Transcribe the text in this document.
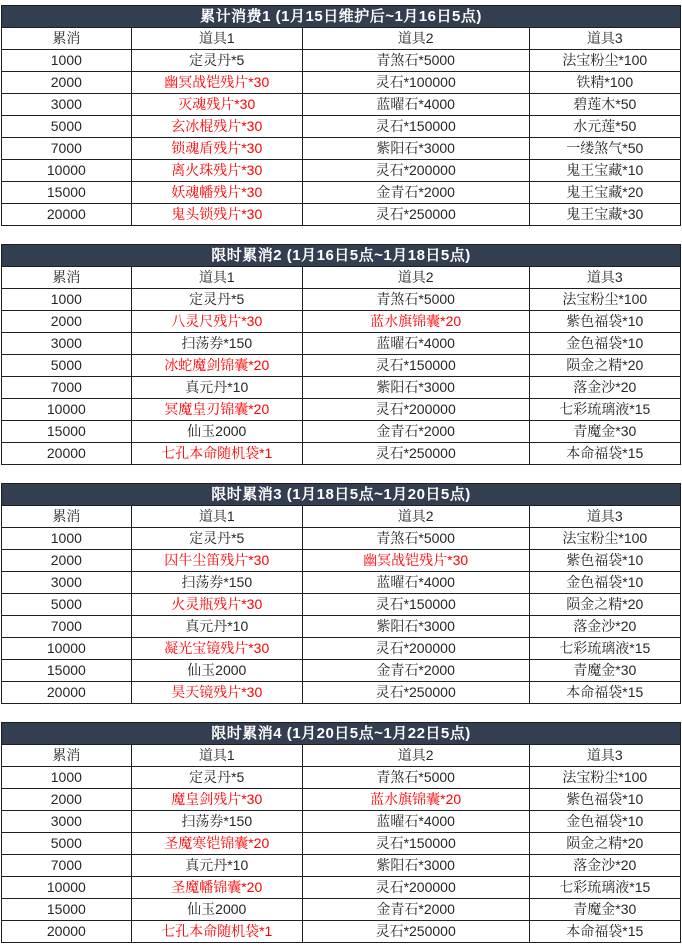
累计消费1 (1月15日维护后~1月16日5点)			
累消	道具1	道具2	道具3
1000	定灵丹*5	青煞石*5000	法宝粉尘*100
2000	幽冥战铠残片*30	灵石*100000	铁精*100
3000	灭魂残片*30	蓝曜石*4000	碧莲木*50
5000	玄冰棍残片*30	灵石*150000	水元莲*50
7000	锁魂盾残片*30	紫阳石*3000	一缕煞气*50
10000	离火珠残片*30	灵石*200000	鬼王宝藏*10
15000	妖魂幡残片*30	金青石*2000	鬼王宝藏*20
20000	鬼头锁残片*30	灵石*250000	鬼王宝藏*30
限时累消2 (1月16日5点~1月18日5点)			
累消	道具1	道具2	道具3
1000	定灵丹*5	青煞石*5000	法宝粉尘*100
2000	八灵尺残片*30	蓝水旗锦囊*20	紫色福袋*10
3000	扫荡券*150	蓝曜石*4000	金色福袋*10
5000	冰蛇魔剑锦囊*20	灵石*150000	陨金之精*20
7000	真元丹*10	紫阳石*3000	落金沙*20
10000	冥魔皇刃锦囊*20	灵石*200000	七彩琉璃液*15
15000	仙玉2000	金青石*2000	青魔金*30
20000	七孔本命随机袋*1	灵石*250000	本命福袋*15
限时累消3 (1月18日5点~1月20日5点)			
累消	道具1	道具2	道具3
1000	定灵丹*5	青煞石*5000	法宝粉尘*100
2000	囚牛尘笛残片*30	幽冥战铠残片*30	紫色福袋*10
3000	扫荡券*150	蓝曜石*4000	金色福袋*10
5000	火灵瓶残片*30	灵石*150000	陨金之精*20
7000	真元丹*10	紫阳石*3000	落金沙*20
10000	凝光宝镜残片*30	灵石*200000	七彩琉璃液*15
15000	仙玉2000	金青石*2000	青魔金*30
20000	昊天镜残片*30	灵石*250000	本命福袋*15
限时累消4 (1月20日5点~1月22日5点)			
累消	道具1	道具2	道具3
1000	定灵丹*5	青煞石*5000	法宝粉尘*100
2000	魔皇剑残片*30	蓝水旗锦囊*20	紫色福袋*10
3000	扫荡券*150	蓝曜石*4000	金色福袋*10
5000	圣魔寒铠锦囊*20	灵石*150000	陨金之精*20
7000	真元丹*10	紫阳石*3000	落金沙*20
10000	圣魔幡锦囊*20	灵石*200000	七彩琉璃液*15
15000	仙玉2000	金青石*2000	青魔金*30
20000	七孔本命随机袋*1	灵石*250000	本命福袋*15
